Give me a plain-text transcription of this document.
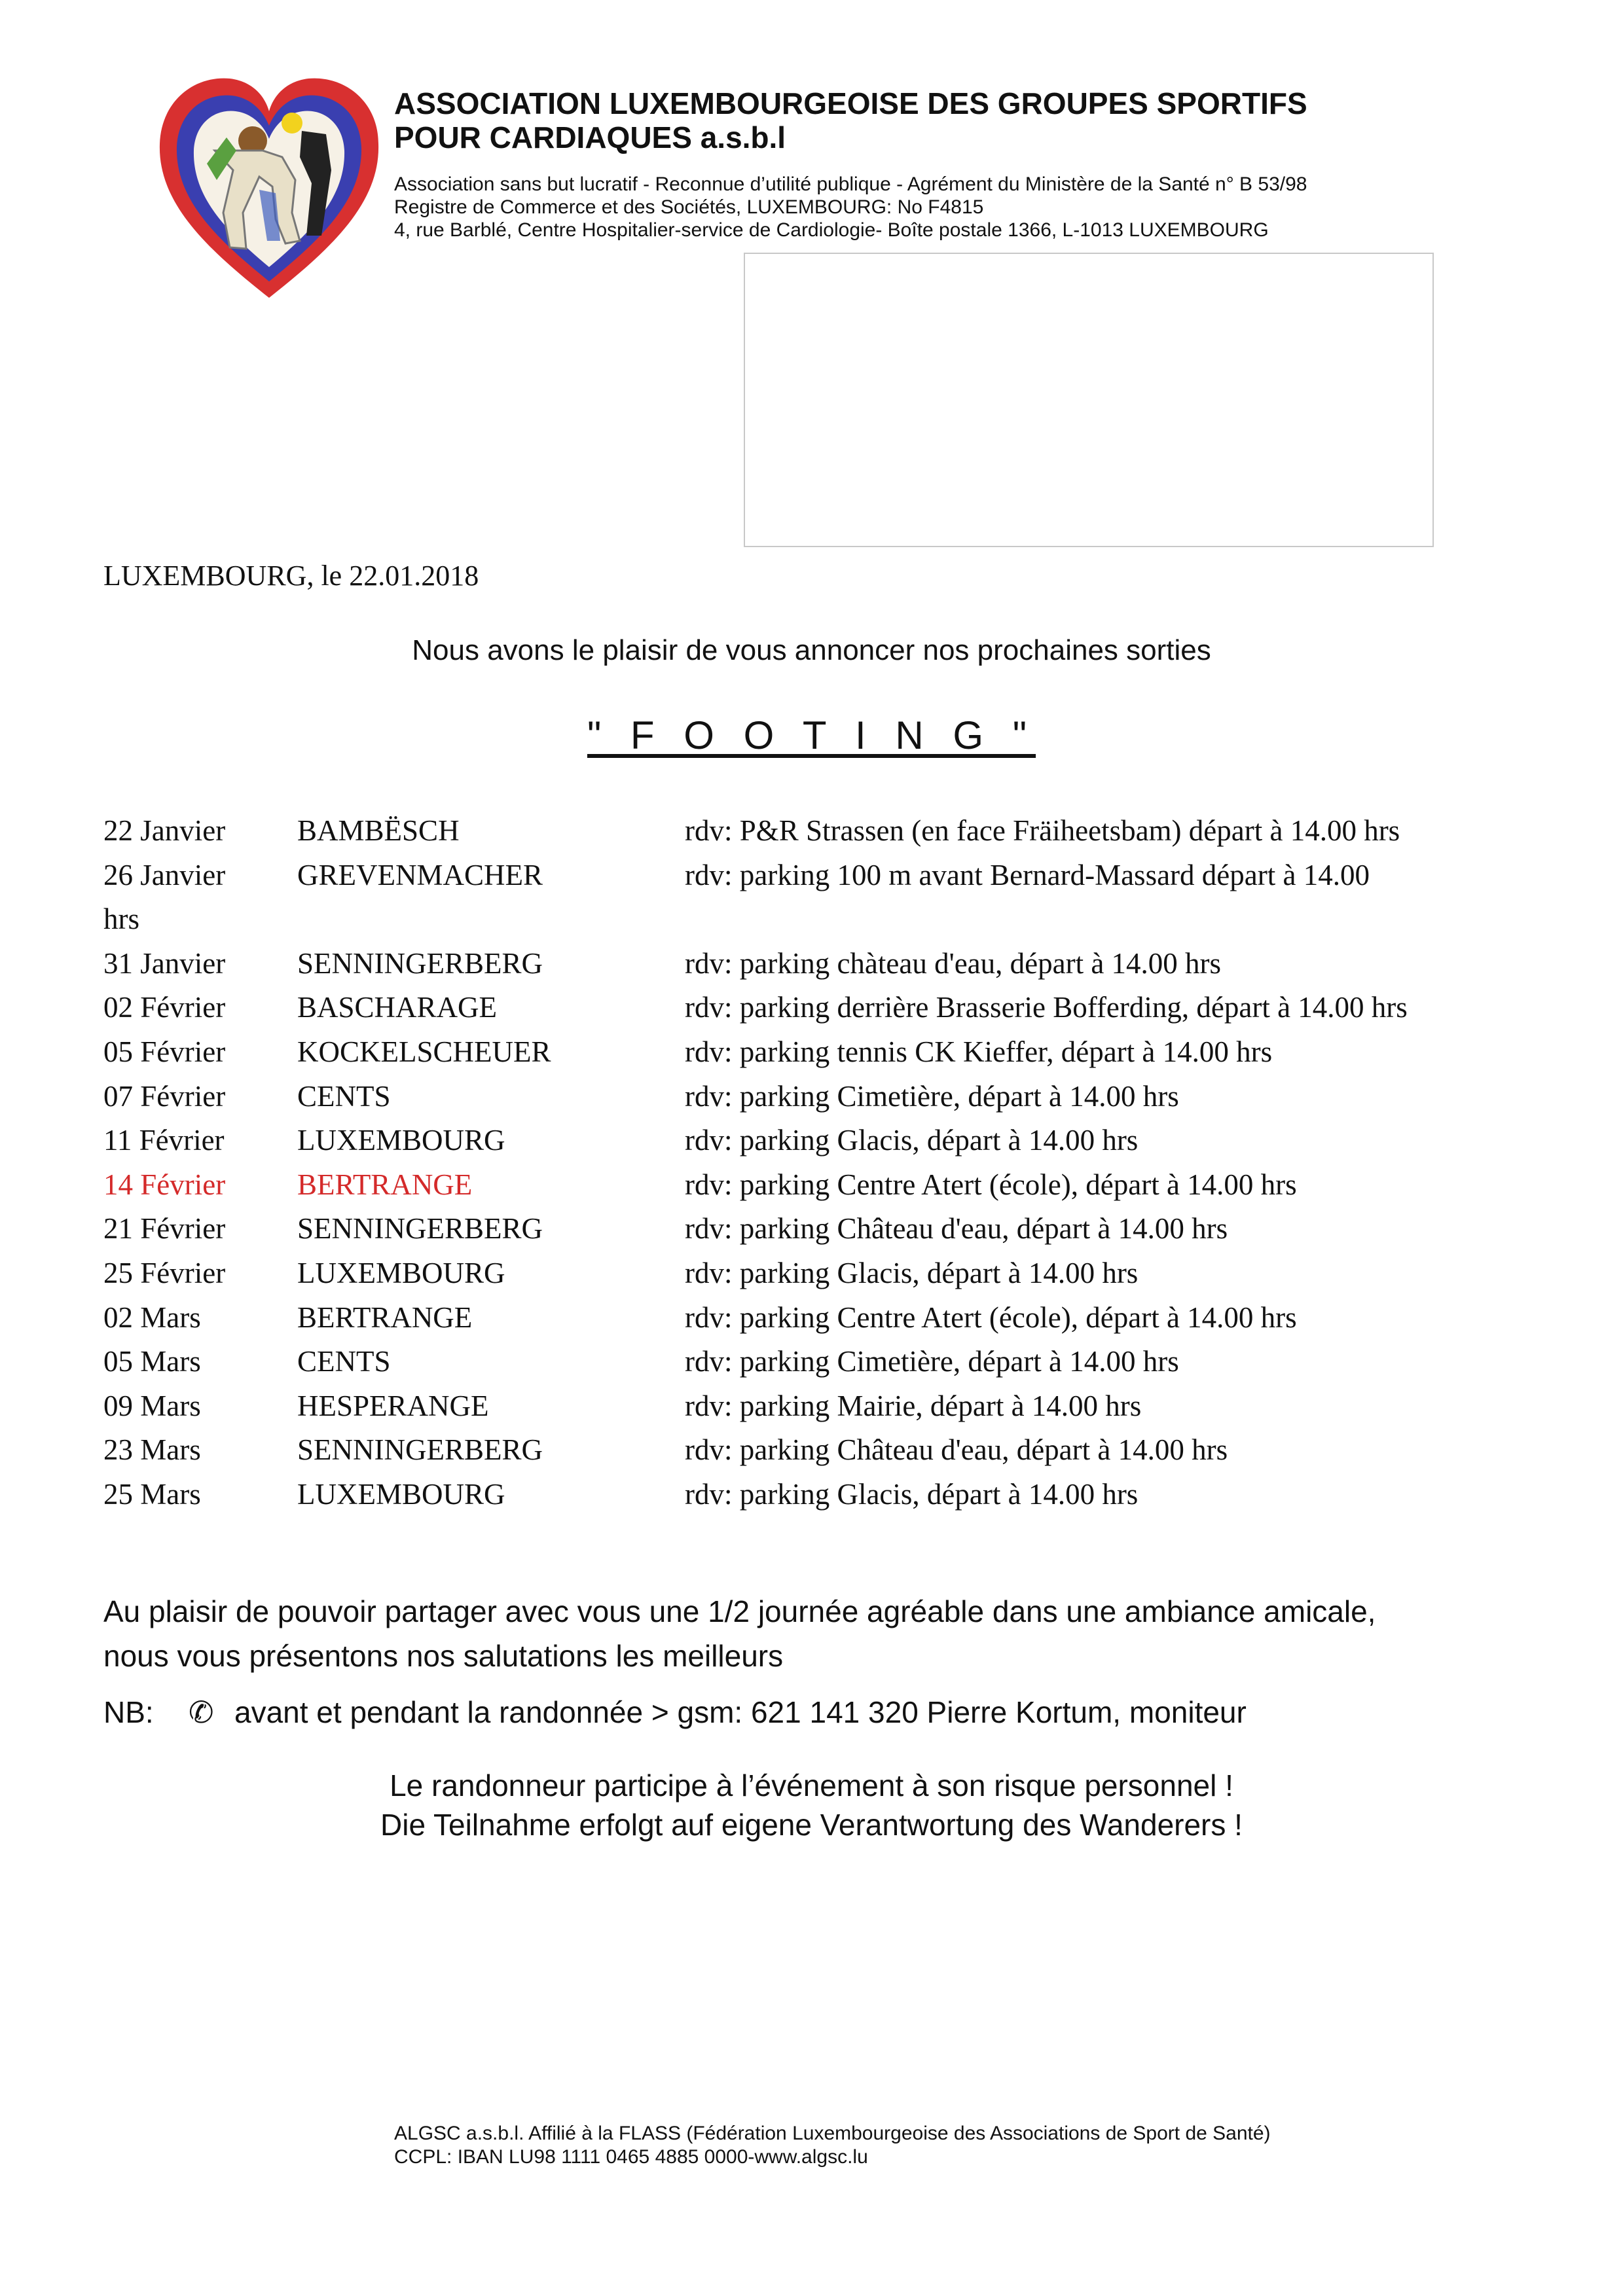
ASSOCIATION LUXEMBOURGEOISE DES GROUPES SPORTIFS
POUR CARDIAQUES a.s.b.l
Association sans but lucratif - Reconnue d’utilité publique - Agrément du Ministère de la Santé n° B 53/98
Registre de Commerce et des Sociétés, LUXEMBOURG: No F4815
4, rue Barblé, Centre Hospitalier-service de Cardiologie- Boîte postale 1366, L-1013 LUXEMBOURG
LUXEMBOURG, le 22.01.2018
Nous avons le plaisir de vous annoncer nos prochaines sorties
" F O O T I N G "
22 Janvier BAMBËSCH	rdv: P&R Strassen (en face Fräiheetsbam) départ à 14.00 hrs
26 Janvier GREVENMACHER	rdv: parking 100 m avant Bernard-Massard départ à 14.00
hrs
31 Janvier SENNINGERBERG	rdv: parking chàteau d'eau, départ à 14.00 hrs
02 Février BASCHARAGE	rdv: parking derrière Brasserie Bofferding, départ à 14.00 hrs
05 Février KOCKELSCHEUER	rdv: parking tennis CK Kieffer, départ à 14.00 hrs
07 Février CENTS	rdv: parking Cimetière, départ à 14.00 hrs
11 Février LUXEMBOURG	rdv: parking Glacis, départ à 14.00 hrs
14 Février BERTRANGE	rdv: parking Centre Atert (école), départ à 14.00 hrs
21 Février SENNINGERBERG	rdv: parking Château d'eau, départ à 14.00 hrs
25 Février LUXEMBOURG	rdv: parking Glacis, départ à 14.00 hrs
02 Mars	BERTRANGE	rdv: parking Centre Atert (école), départ à 14.00 hrs
05 Mars	CENTS	rdv: parking Cimetière, départ à 14.00 hrs
09 Mars	HESPERANGE	rdv: parking Mairie, départ à 14.00 hrs
23 Mars	SENNINGERBERG	rdv: parking Château d'eau, départ à 14.00 hrs
25 Mars	LUXEMBOURG	rdv: parking Glacis, départ à 14.00 hrs
Au plaisir de pouvoir partager avec vous une 1/2 journée agréable dans une ambiance amicale,
nous vous présentons nos salutations les meilleurs
NB: ✆ avant et pendant la randonnée > gsm: 621 141 320 Pierre Kortum, moniteur
Le randonneur participe à l’événement à son risque personnel !
Die Teilnahme erfolgt auf eigene Verantwortung des Wanderers !
ALGSC a.s.b.l. Affilié à la FLASS (Fédération Luxembourgeoise des Associations de Sport de Santé)
CCPL: IBAN LU98 1111 0465 4885 0000-www.algsc.lu
